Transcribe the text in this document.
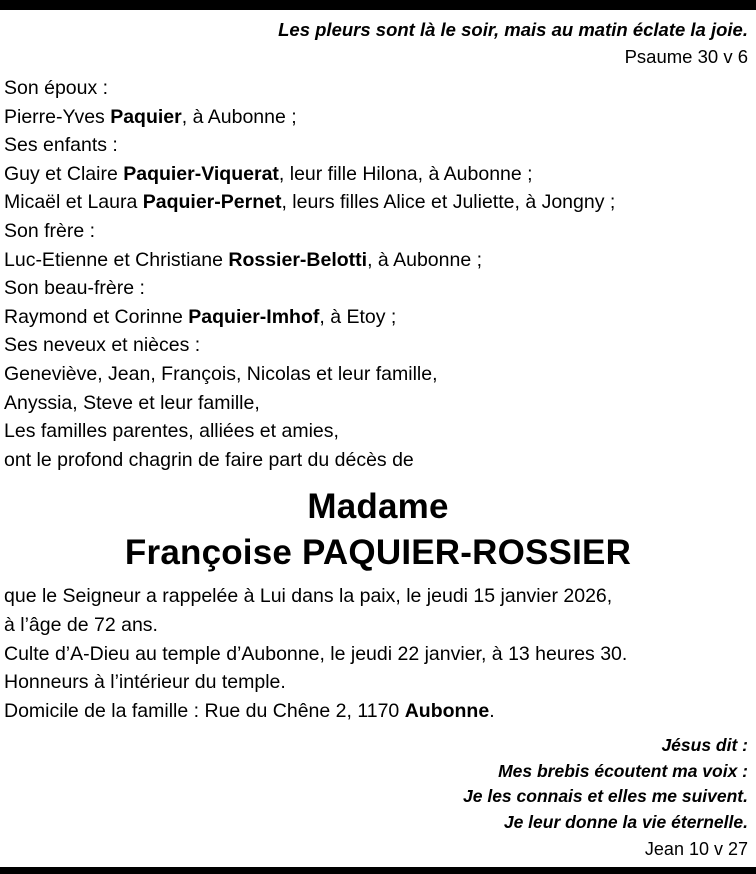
Les pleurs sont là le soir, mais au matin éclate la joie.
Psaume 30 v 6
Son époux :
Pierre-Yves Paquier, à Aubonne ;
Ses enfants :
Guy et Claire Paquier-Viquerat, leur fille Hilona, à Aubonne ;
Micaël et Laura Paquier-Pernet, leurs filles Alice et Juliette, à Jongny ;
Son frère :
Luc-Etienne et Christiane Rossier-Belotti, à Aubonne ;
Son beau-frère :
Raymond et Corinne Paquier-Imhof, à Etoy ;
Ses neveux et nièces :
Geneviève, Jean, François, Nicolas et leur famille,
Anyssia, Steve et leur famille,
Les familles parentes, alliées et amies,
ont le profond chagrin de faire part du décès de
Madame
Françoise PAQUIER-ROSSIER
que le Seigneur a rappelée à Lui dans la paix, le jeudi 15 janvier 2026,
à l’âge de 72 ans.
Culte d’A-Dieu au temple d’Aubonne, le jeudi 22 janvier, à 13 heures 30.
Honneurs à l’intérieur du temple.
Domicile de la famille : Rue du Chêne 2, 1170 Aubonne.
Jésus dit :
Mes brebis écoutent ma voix :
Je les connais et elles me suivent.
Je leur donne la vie éternelle.
Jean 10 v 27
